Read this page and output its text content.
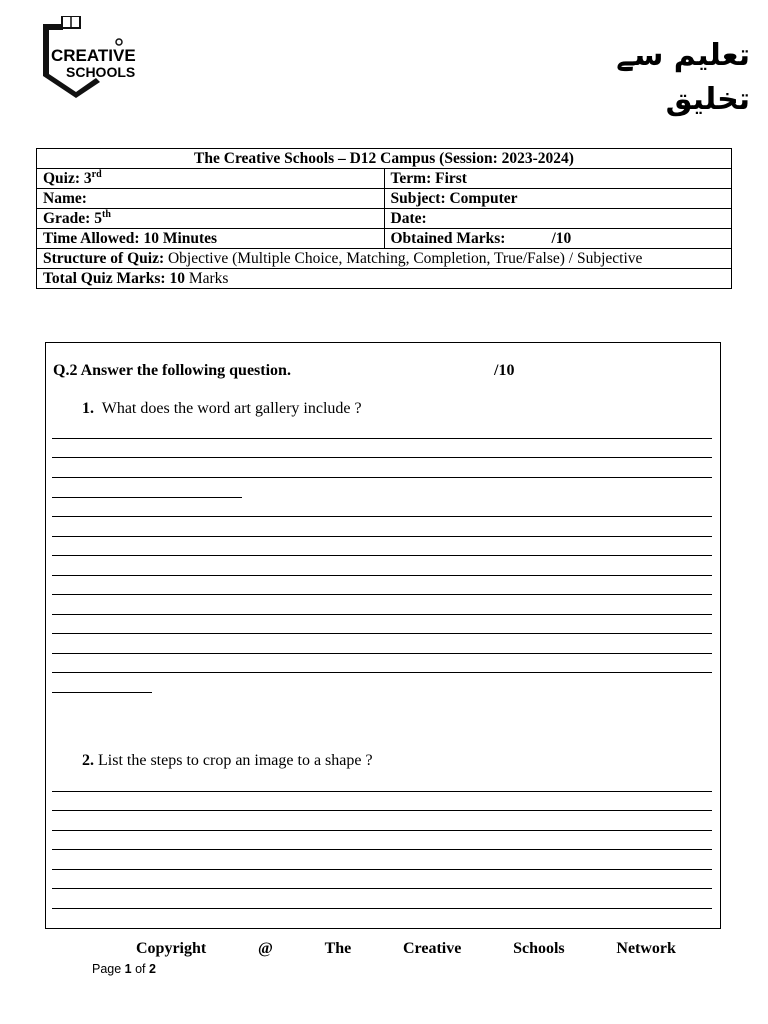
CREATIVE
SCHOOLS	تعلیم سے تخلیق
The Creative Schools – D12 Campus (Session: 2023-2024)	
Quiz: 3rd	Term: First
Name:	Subject: Computer
Grade: 5th	Date:
Time Allowed: 10 Minutes	Obtained Marks: /10
Structure of Quiz: Objective (Multiple Choice, Matching, Completion, True/False) / Subjective	
Total Quiz Marks: 10 Marks	
Q.2 Answer the following question.	/10
1. What does the word art gallery include ?
2. List the steps to crop an image to a shape ?
Copyright	@	The	Creative	Schools	Network
Page 1 of 2
